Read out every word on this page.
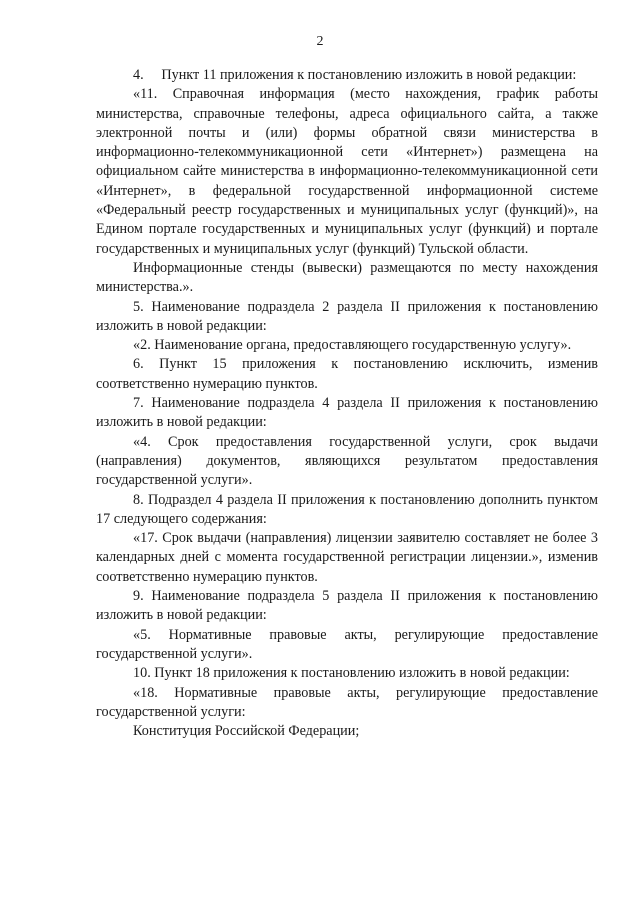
2

4.     Пункт 11 приложения к постановлению изложить в новой редакции:

«11. Справочная информация (место нахождения, график работы министерства, справочные телефоны, адреса официального сайта, а также электронной почты и (или) формы обратной связи министерства в информационно-телекоммуникационной сети «Интернет») размещена на официальном сайте министерства в информационно-телекоммуникационной сети «Интернет», в федеральной государственной информационной системе «Федеральный реестр государственных и муниципальных услуг (функций)», на Едином портале государственных и муниципальных услуг (функций) и портале государственных и муниципальных услуг (функций) Тульской области.

Информационные стенды (вывески) размещаются по месту нахождения министерства.».

5. Наименование подраздела 2 раздела II приложения к постановлению изложить в новой редакции:

«2. Наименование органа, предоставляющего государственную услугу».

6. Пункт 15 приложения к постановлению исключить, изменив соответственно нумерацию пунктов.

7. Наименование подраздела 4 раздела II приложения к постановлению изложить в новой редакции:

«4. Срок предоставления государственной услуги, срок выдачи (направления) документов, являющихся результатом предоставления государственной услуги».

8. Подраздел 4 раздела II приложения к постановлению дополнить пунктом 17 следующего содержания:

«17. Срок выдачи (направления) лицензии заявителю составляет не более 3 календарных дней с момента государственной регистрации лицензии.», изменив соответственно нумерацию пунктов.

9. Наименование подраздела 5 раздела II приложения к постановлению изложить в новой редакции:

«5. Нормативные правовые акты, регулирующие предоставление государственной услуги».

10. Пункт 18 приложения к постановлению изложить в новой редакции:

«18. Нормативные правовые акты, регулирующие предоставление государственной услуги:

Конституция Российской Федерации;
